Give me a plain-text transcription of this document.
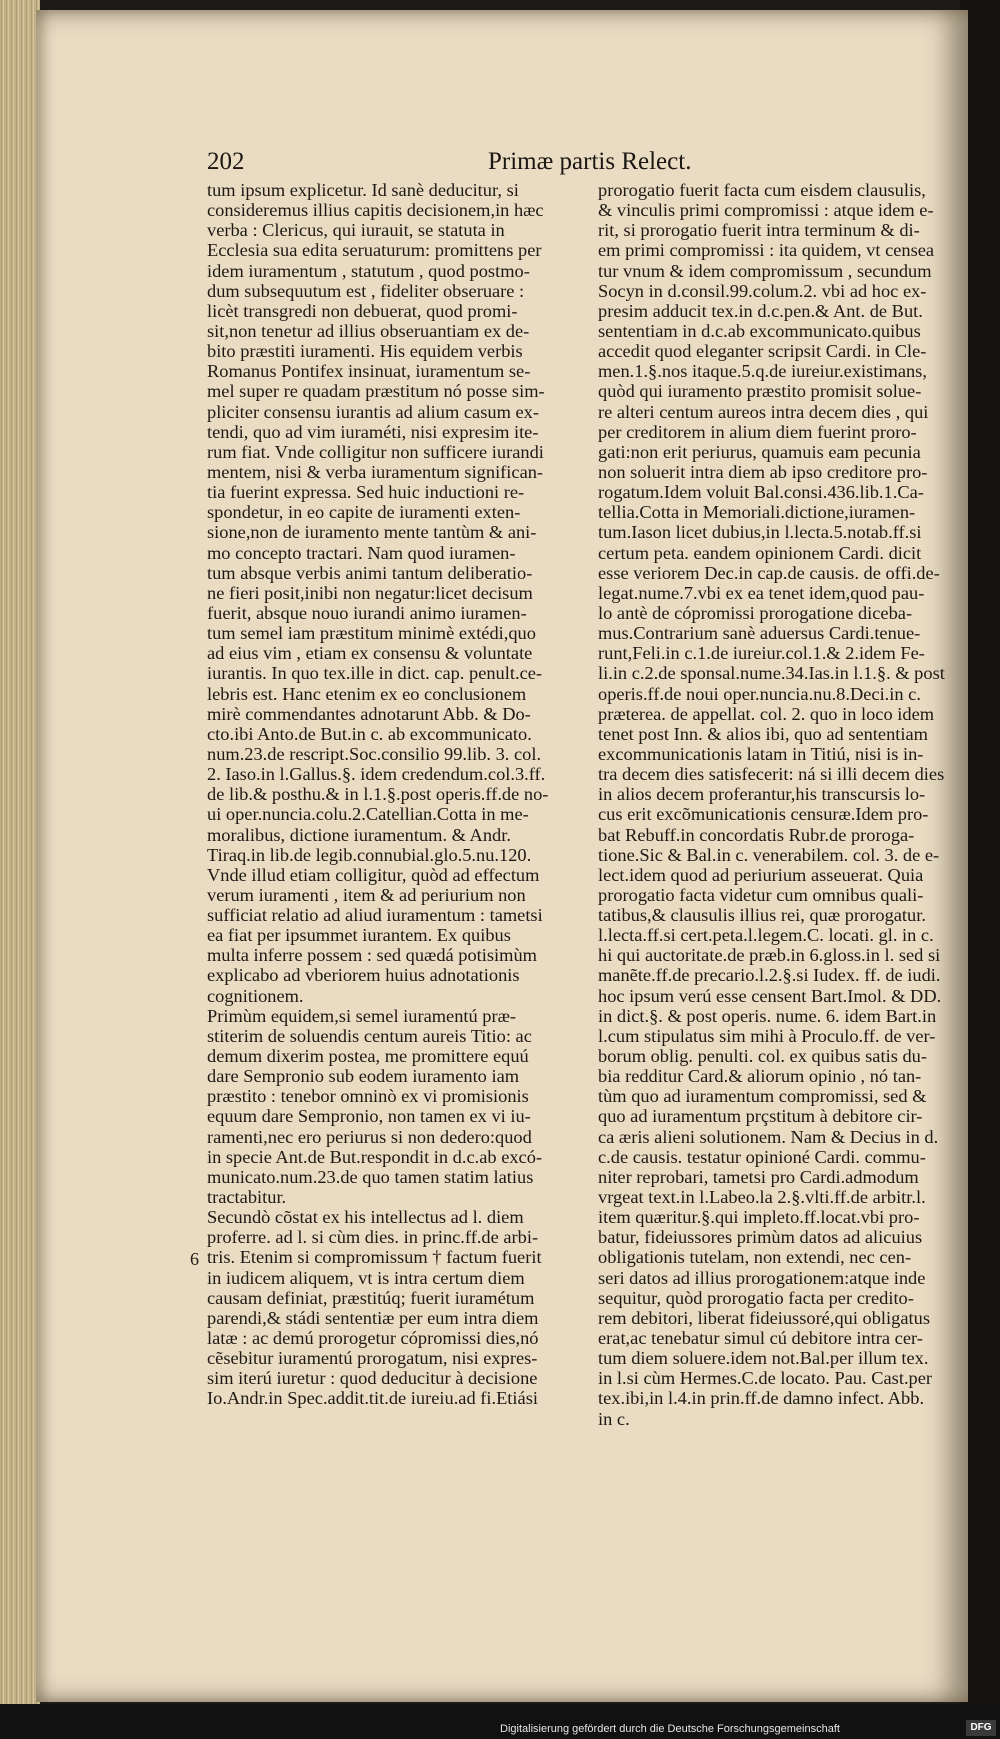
202	Primæ partis Relect.
tum ipsum explicetur. Id sanè deducitur, si
consideremus illius capitis decisionem,in hæc
verba : Clericus, qui iurauit, se statuta in
Ecclesia sua edita seruaturum: promittens per
idem iuramentum , statutum , quod postmo-
dum subsequutum est , fideliter obseruare :
licèt transgredi non debuerat, quod promi-
sit,non tenetur ad illius obseruantiam ex de-
bito præstiti iuramenti. His equidem verbis
Romanus Pontifex insinuat, iuramentum se-
mel super re quadam præstitum nó posse sim-
pliciter consensu iurantis ad alium casum ex-
tendi, quo ad vim iuraméti, nisi expresim ite-
rum fiat. Vnde colligitur non sufficere iurandi
mentem, nisi & verba iuramentum significan-
tia fuerint expressa. Sed huic inductioni re-
spondetur, in eo capite de iuramenti exten-
sione,non de iuramento mente tantùm & ani-
mo concepto tractari. Nam quod iuramen-
tum absque verbis animi tantum deliberatio-
ne fieri posit,inibi non negatur:licet decisum
fuerit, absque nouo iurandi animo iuramen-
tum semel iam præstitum minimè extédi,quo
ad eius vim , etiam ex consensu & voluntate
iurantis. In quo tex.ille in dict. cap. penult.ce-
lebris est. Hanc etenim ex eo conclusionem
mirè commendantes adnotarunt Abb. & Do-
cto.ibi Anto.de But.in c. ab excommunicato.
num.23.de rescript.Soc.consilio 99.lib. 3. col.
2. Iaso.in l.Gallus.§. idem credendum.col.3.ff.
de lib.& posthu.& in l.1.§.post operis.ff.de no-
ui oper.nuncia.colu.2.Catellian.Cotta in me-
moralibus, dictione iuramentum. & Andr.
Tiraq.in lib.de legib.connubial.glo.5.nu.120.
Vnde illud etiam colligitur, quòd ad effectum
verum iuramenti , item & ad periurium non
sufficiat relatio ad aliud iuramentum : tametsi
ea fiat per ipsummet iurantem. Ex quibus
multa inferre possem : sed quædá potisimùm
explicabo ad vberiorem huius adnotationis
cognitionem.
Primùm equidem,si semel iuramentú præ-
stiterim de soluendis centum aureis Titio: ac
demum dixerim postea, me promittere equú
dare Sempronio sub eodem iuramento iam
præstito : tenebor omninò ex vi promisionis
equum dare Sempronio, non tamen ex vi iu-
ramenti,nec ero periurus si non dedero:quod
in specie Ant.de But.respondit in d.c.ab excó-
municato.num.23.de quo tamen statim latius
tractabitur.
Secundò cõstat ex his intellectus ad l. diem
proferre. ad l. si cùm dies. in princ.ff.de arbi-
tris. Etenim si compromissum † factum fuerit
in iudicem aliquem, vt is intra certum diem
causam definiat, præstitúq; fuerit iuramétum
parendi,& stádi sententiæ per eum intra diem
latæ : ac demú prorogetur cópromissi dies,nó
cẽsebitur iuramentú prorogatum, nisi expres-
sim iterú iuretur : quod deducitur à decisione
Io.Andr.in Spec.addit.tit.de iureiu.ad fi.Etiási
prorogatio fuerit facta cum eisdem clausulis,
& vinculis primi compromissi : atque idem e-
rit, si prorogatio fuerit intra terminum & di-
em primi compromissi : ita quidem, vt censea
tur vnum & idem compromissum , secundum
Socyn in d.consil.99.colum.2. vbi ad hoc ex-
presim adducit tex.in d.c.pen.& Ant. de But.
sententiam in d.c.ab excommunicato.quibus
accedit quod eleganter scripsit Cardi. in Cle-
men.1.§.nos itaque.5.q.de iureiur.existimans,
quòd qui iuramento præstito promisit solue-
re alteri centum aureos intra decem dies , qui
per creditorem in alium diem fuerint proro-
gati:non erit periurus, quamuis eam pecunia
non soluerit intra diem ab ipso creditore pro-
rogatum.Idem voluit Bal.consi.436.lib.1.Ca-
tellia.Cotta in Memoriali.dictione,iuramen-
tum.Iason licet dubius,in l.lecta.5.notab.ff.si
certum peta. eandem opinionem Cardi. dicit
esse veriorem Dec.in cap.de causis. de offi.de-
legat.nume.7.vbi ex ea tenet idem,quod pau-
lo antè de cópromissi prorogatione diceba-
mus.Contrarium sanè aduersus Cardi.tenue-
runt,Feli.in c.1.de iureiur.col.1.& 2.idem Fe-
li.in c.2.de sponsal.nume.34.Ias.in l.1.§. & post
operis.ff.de noui oper.nuncia.nu.8.Deci.in c.
præterea. de appellat. col. 2. quo in loco idem
tenet post Inn. & alios ibi, quo ad sententiam
excommunicationis latam in Titiú, nisi is in-
tra decem dies satisfecerit: ná si illi decem dies
in alios decem proferantur,his transcursis lo-
cus erit excõmunicationis censuræ.Idem pro-
bat Rebuff.in concordatis Rubr.de proroga-
tione.Sic & Bal.in c. venerabilem. col. 3. de e-
lect.idem quod ad periurium asseuerat. Quia
prorogatio facta videtur cum omnibus quali-
tatibus,& clausulis illius rei, quæ prorogatur.
l.lecta.ff.si cert.peta.l.legem.C. locati. gl. in c.
hi qui auctoritate.de præb.in 6.gloss.in l. sed si
manẽte.ff.de precario.l.2.§.si Iudex. ff. de iudi.
hoc ipsum verú esse censent Bart.Imol. & DD.
in dict.§. & post operis. nume. 6. idem Bart.in
l.cum stipulatus sim mihi à Proculo.ff. de ver-
borum oblig. penulti. col. ex quibus satis du-
bia redditur Card.& aliorum opinio , nó tan-
tùm quo ad iuramentum compromissi, sed &
quo ad iuramentum prçstitum à debitore cir-
ca æris alieni solutionem. Nam & Decius in d.
c.de causis. testatur opinioné Cardi. commu-
niter reprobari, tametsi pro Cardi.admodum
vrgeat text.in l.Labeo.la 2.§.vlti.ff.de arbitr.l.
item quæritur.§.qui impleto.ff.locat.vbi pro-
batur, fideiussores primùm datos ad alicuius
obligationis tutelam, non extendi, nec cen-
seri datos ad illius prorogationem:atque inde
sequitur, quòd prorogatio facta per credito-
rem debitori, liberat fideiussoré,qui obligatus
erat,ac tenebatur simul cú debitore intra cer-
tum diem soluere.idem not.Bal.per illum tex.
in l.si cùm Hermes.C.de locato. Pau. Cast.per
tex.ibi,in l.4.in prin.ff.de damno infect. Abb.
in c.
6
Digitalisierung gefördert durch die Deutsche Forschungsgemeinschaft	DFG
